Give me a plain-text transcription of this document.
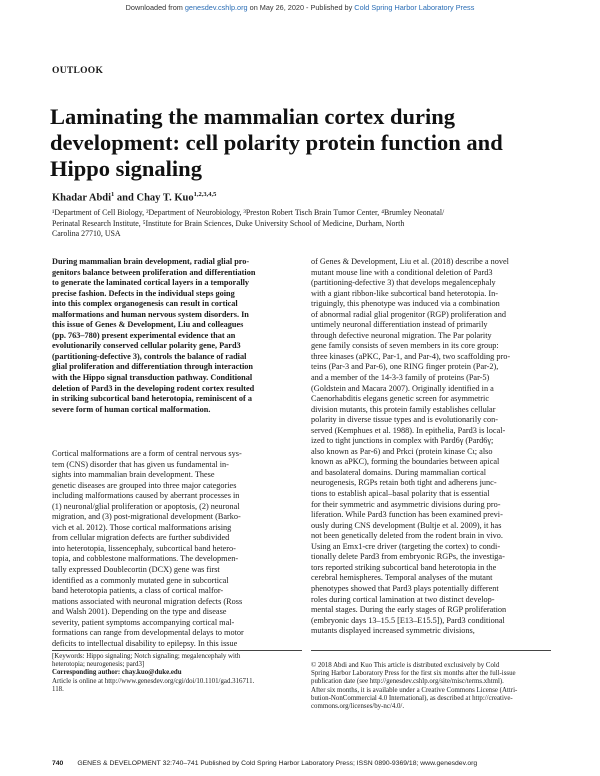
Downloaded from genesdev.cshlp.org on May 26, 2020 - Published by Cold Spring Harbor Laboratory Press
OUTLOOK
Laminating the mammalian cortex during development: cell polarity protein function and Hippo signaling
Khadar Abdi$^1$ and Chay T. Kuo$^{1,2,3,4,5}$
¹Department of Cell Biology, ²Department of Neurobiology, ³Preston Robert Tisch Brain Tumor Center, ⁴Brumley Neonatal/
Perinatal Research Institute, ⁵Institute for Brain Sciences, Duke University School of Medicine, Durham, North
Carolina 27710, USA
During mammalian brain development, radial glial pro-
genitors balance between proliferation and differentiation
to generate the laminated cortical layers in a temporally
precise fashion. Defects in the individual steps going
into this complex organogenesis can result in cortical
malformations and human nervous system disorders. In
this issue of Genes & Development, Liu and colleagues
(pp. 763–780) present experimental evidence that an
evolutionarily conserved cellular polarity gene, Pard3
(partitioning-defective 3), controls the balance of radial
glial proliferation and differentiation through interaction
with the Hippo signal transduction pathway. Conditional
deletion of Pard3 in the developing rodent cortex resulted
in striking subcortical band heterotopia, reminiscent of a
severe form of human cortical malformation.
Cortical malformations are a form of central nervous sys-
tem (CNS) disorder that has given us fundamental in-
sights into mammalian brain development. These
genetic diseases are grouped into three major categories
including malformations caused by aberrant processes in
(1) neuronal/glial proliferation or apoptosis, (2) neuronal
migration, and (3) post-migrational development (Barko-
vich et al. 2012). Those cortical malformations arising
from cellular migration defects are further subdivided
into heterotopia, lissencephaly, subcortical band hetero-
topia, and cobblestone malformations. The developmen-
tally expressed Doublecortin (DCX) gene was first
identified as a commonly mutated gene in subcortical
band heterotopia patients, a class of cortical malfor-
mations associated with neuronal migration defects (Ross
and Walsh 2001). Depending on the type and disease
severity, patient symptoms accompanying cortical mal-
formations can range from developmental delays to motor
deficits to intellectual disability to epilepsy. In this issue
of Genes & Development, Liu et al. (2018) describe a novel
mutant mouse line with a conditional deletion of Pard3
(partitioning-defective 3) that develops megalencephaly
with a giant ribbon-like subcortical band heterotopia. In-
triguingly, this phenotype was induced via a combination
of abnormal radial glial progenitor (RGP) proliferation and
untimely neuronal differentiation instead of primarily
through defective neuronal migration. The Par polarity
gene family consists of seven members in its core group:
three kinases (aPKC, Par-1, and Par-4), two scaffolding pro-
teins (Par-3 and Par-6), one RING finger protein (Par-2),
and a member of the 14-3-3 family of proteins (Par-5)
(Goldstein and Macara 2007). Originally identified in a
Caenorhabditis elegans genetic screen for asymmetric
division mutants, this protein family establishes cellular
polarity in diverse tissue types and is evolutionarily con-
served (Kemphues et al. 1988). In epithelia, Pard3 is local-
ized to tight junctions in complex with Pard6γ (Pard6γ;
also known as Par-6) and Prkci (protein kinase Cι; also
known as aPKC), forming the boundaries between apical
and basolateral domains. During mammalian cortical
neurogenesis, RGPs retain both tight and adherens junc-
tions to establish apical–basal polarity that is essential
for their symmetric and asymmetric divisions during pro-
liferation. While Pard3 function has been examined previ-
ously during CNS development (Bultje et al. 2009), it has
not been genetically deleted from the rodent brain in vivo.
Using an Emx1-cre driver (targeting the cortex) to condi-
tionally delete Pard3 from embryonic RGPs, the investiga-
tors reported striking subcortical band heterotopia in the
cerebral hemispheres. Temporal analyses of the mutant
phenotypes showed that Pard3 plays potentially different
roles during cortical lamination at two distinct develop-
mental stages. During the early stages of RGP proliferation
(embryonic days 13–15.5 [E13–E15.5]), Pard3 conditional
mutants displayed increased symmetric divisions,
[Keywords: Hippo signaling; Notch signaling; megalencephaly with
heterotopia; neurogenesis; pard3]
Corresponding author: chay.kuo@duke.edu
Article is online at http://www.genesdev.org/cgi/doi/10.1101/gad.316711.
118.
© 2018 Abdi and Kuo This article is distributed exclusively by Cold
Spring Harbor Laboratory Press for the first six months after the full-issue
publication date (see http://genesdev.cshlp.org/site/misc/terms.xhtml).
After six months, it is available under a Creative Commons License (Attri-
bution-NonCommercial 4.0 International), as described at http://creative-
commons.org/licenses/by-nc/4.0/.
740 GENES & DEVELOPMENT 32:740–741 Published by Cold Spring Harbor Laboratory Press; ISSN 0890-9369/18; www.genesdev.org
